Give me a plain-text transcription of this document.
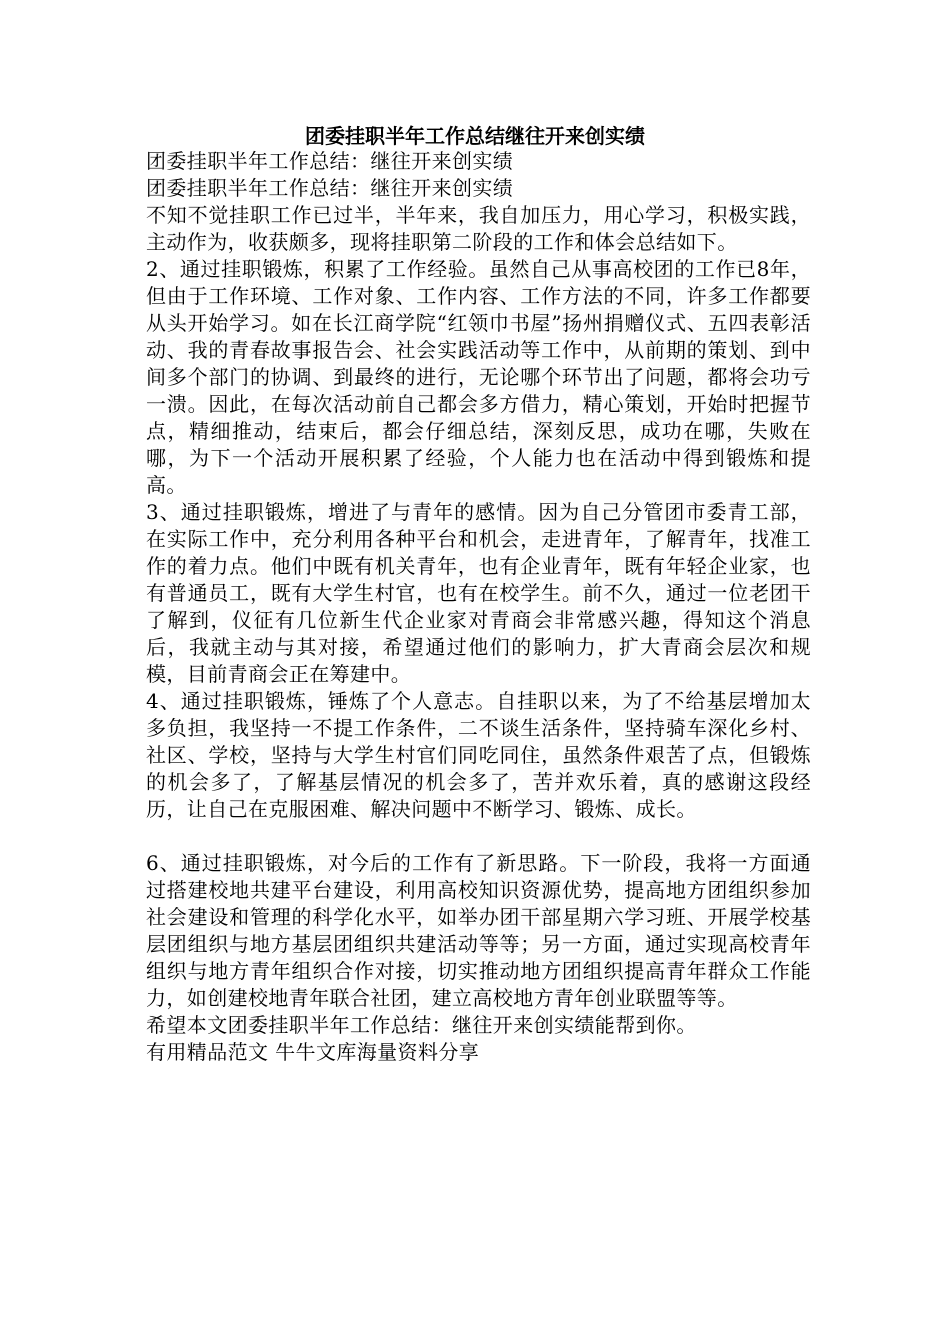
团委挂职半年工作总结继往开来创实绩

团委挂职半年工作总结：继往开来创实绩

团委挂职半年工作总结：继往开来创实绩

不知不觉挂职工作已过半，半年来，我自加压力，用心学习，积极实践，主动作为，收获颇多，现将挂职第二阶段的工作和体会总结如下。

2、通过挂职锻炼，积累了工作经验。虽然自己从事高校团的工作已8年，但由于工作环境、工作对象、工作内容、工作方法的不同，许多工作都要从头开始学习。如在长江商学院“红领巾书屋”扬州捐赠仪式、五四表彰活动、我的青春故事报告会、社会实践活动等工作中，从前期的策划、到中间多个部门的协调、到最终的进行，无论哪个环节出了问题，都将会功亏一溃。因此，在每次活动前自己都会多方借力，精心策划，开始时把握节点，精细推动，结束后，都会仔细总结，深刻反思，成功在哪，失败在哪，为下一个活动开展积累了经验，个人能力也在活动中得到锻炼和提高。

3、通过挂职锻炼，增进了与青年的感情。因为自己分管团市委青工部，在实际工作中，充分利用各种平台和机会，走进青年，了解青年，找准工作的着力点。他们中既有机关青年，也有企业青年，既有年轻企业家，也有普通员工，既有大学生村官，也有在校学生。前不久，通过一位老团干了解到，仪征有几位新生代企业家对青商会非常感兴趣，得知这个消息后，我就主动与其对接，希望通过他们的影响力，扩大青商会层次和规模，目前青商会正在筹建中。

4、通过挂职锻炼，锤炼了个人意志。自挂职以来，为了不给基层增加太多负担，我坚持一不提工作条件，二不谈生活条件，坚持骑车深化乡村、社区、学校，坚持与大学生村官们同吃同住，虽然条件艰苦了点，但锻炼的机会多了，了解基层情况的机会多了，苦并欢乐着，真的感谢这段经历，让自己在克服困难、解决问题中不断学习、锻炼、成长。

6、通过挂职锻炼，对今后的工作有了新思路。下一阶段，我将一方面通过搭建校地共建平台建设，利用高校知识资源优势，提高地方团组织参加社会建设和管理的科学化水平，如举办团干部星期六学习班、开展学校基层团组织与地方基层团组织共建活动等等；另一方面，通过实现高校青年组织与地方青年组织合作对接，切实推动地方团组织提高青年群众工作能力，如创建校地青年联合社团，建立高校地方青年创业联盟等等。

希望本文团委挂职半年工作总结：继往开来创实绩能帮到你。

有用精品范文 牛牛文库海量资料分享
